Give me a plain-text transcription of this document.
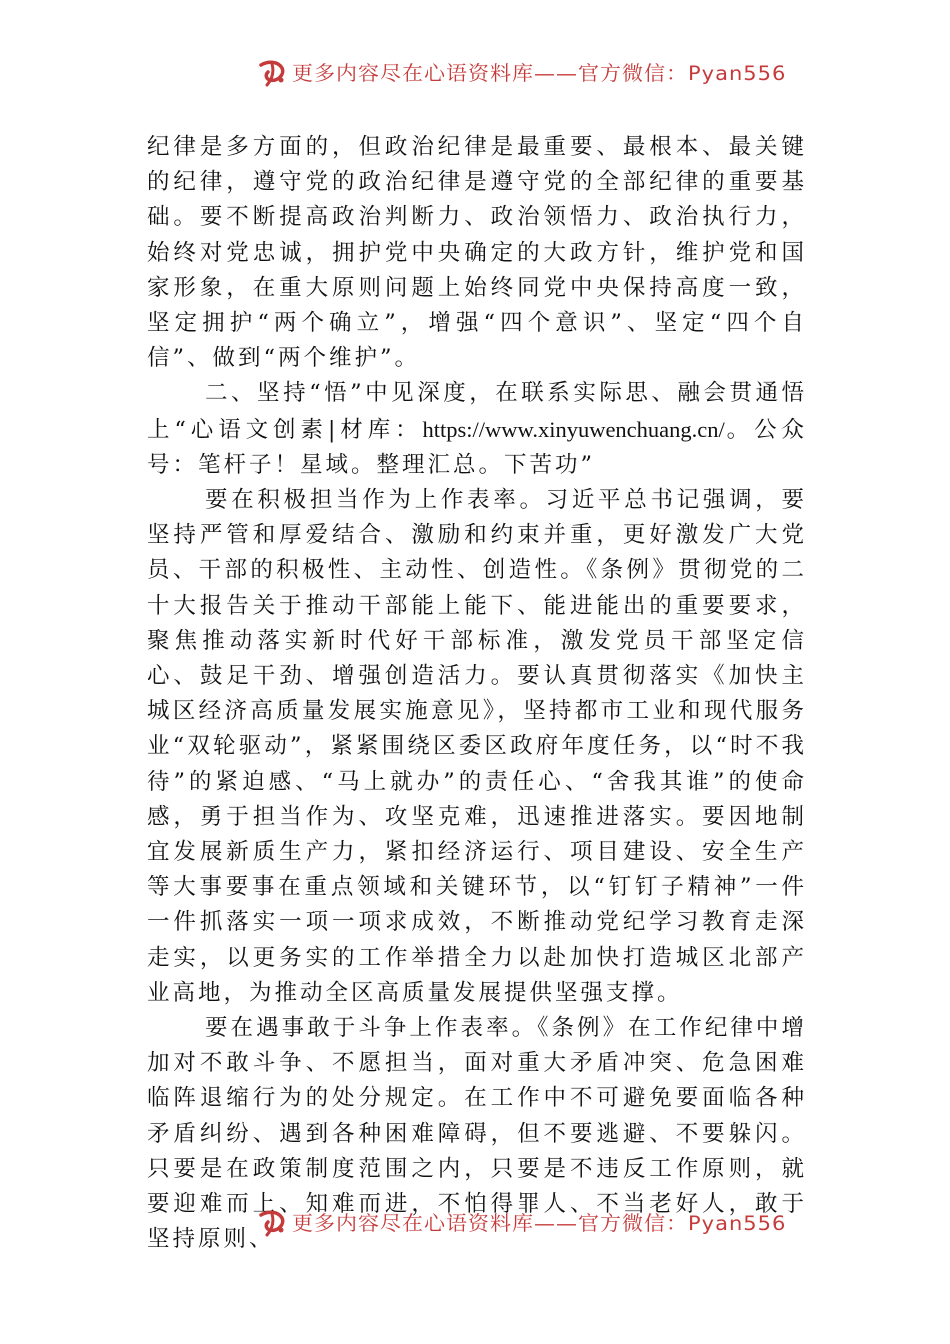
更多内容尽在心语资料库——官方微信：Pyan556

纪律是多方面的，但政治纪律是最重要、最根本、最关键的纪律，遵守党的政治纪律是遵守党的全部纪律的重要基础。要不断提高政治判断力、政治领悟力、政治执行力，始终对党忠诚，拥护党中央确定的大政方针，维护党和国家形象，在重大原则问题上始终同党中央保持高度一致，坚定拥护“两个确立”，增强“四个意识”、坚定“四个自信”、做到“两个维护”。

二、坚持“悟”中见深度，在联系实际思、融会贯通悟上“心语文创素|材库：https://www.xinyuwenchuang.cn/。公众号：笔杆子！星域。整理汇总。下苦功”

要在积极担当作为上作表率。习近平总书记强调，要坚持严管和厚爱结合、激励和约束并重，更好激发广大党员、干部的积极性、主动性、创造性。《条例》贯彻党的二十大报告关于推动干部能上能下、能进能出的重要要求，聚焦推动落实新时代好干部标准，激发党员干部坚定信心、鼓足干劲、增强创造活力。要认真贯彻落实《加快主城区经济高质量发展实施意见》，坚持都市工业和现代服务业“双轮驱动”，紧紧围绕区委区政府年度任务，以“时不我待”的紧迫感、“马上就办”的责任心、“舍我其谁”的使命感，勇于担当作为、攻坚克难，迅速推进落实。要因地制宜发展新质生产力，紧扣经济运行、项目建设、安全生产等大事要事在重点领域和关键环节，以“钉钉子精神”一件一件抓落实一项一项求成效，不断推动党纪学习教育走深走实，以更务实的工作举措全力以赴加快打造城区北部产业高地，为推动全区高质量发展提供坚强支撑。

要在遇事敢于斗争上作表率。《条例》在工作纪律中增加对不敢斗争、不愿担当，面对重大矛盾冲突、危急困难临阵退缩行为的处分规定。在工作中不可避免要面临各种矛盾纠纷、遇到各种困难障碍，但不要逃避、不要躲闪。只要是在政策制度范围之内，只要是不违反工作原则，就要迎难而上、知难而进，不怕得罪人、不当老好人，敢于坚持原则、

更多内容尽在心语资料库——官方微信：Pyan556
